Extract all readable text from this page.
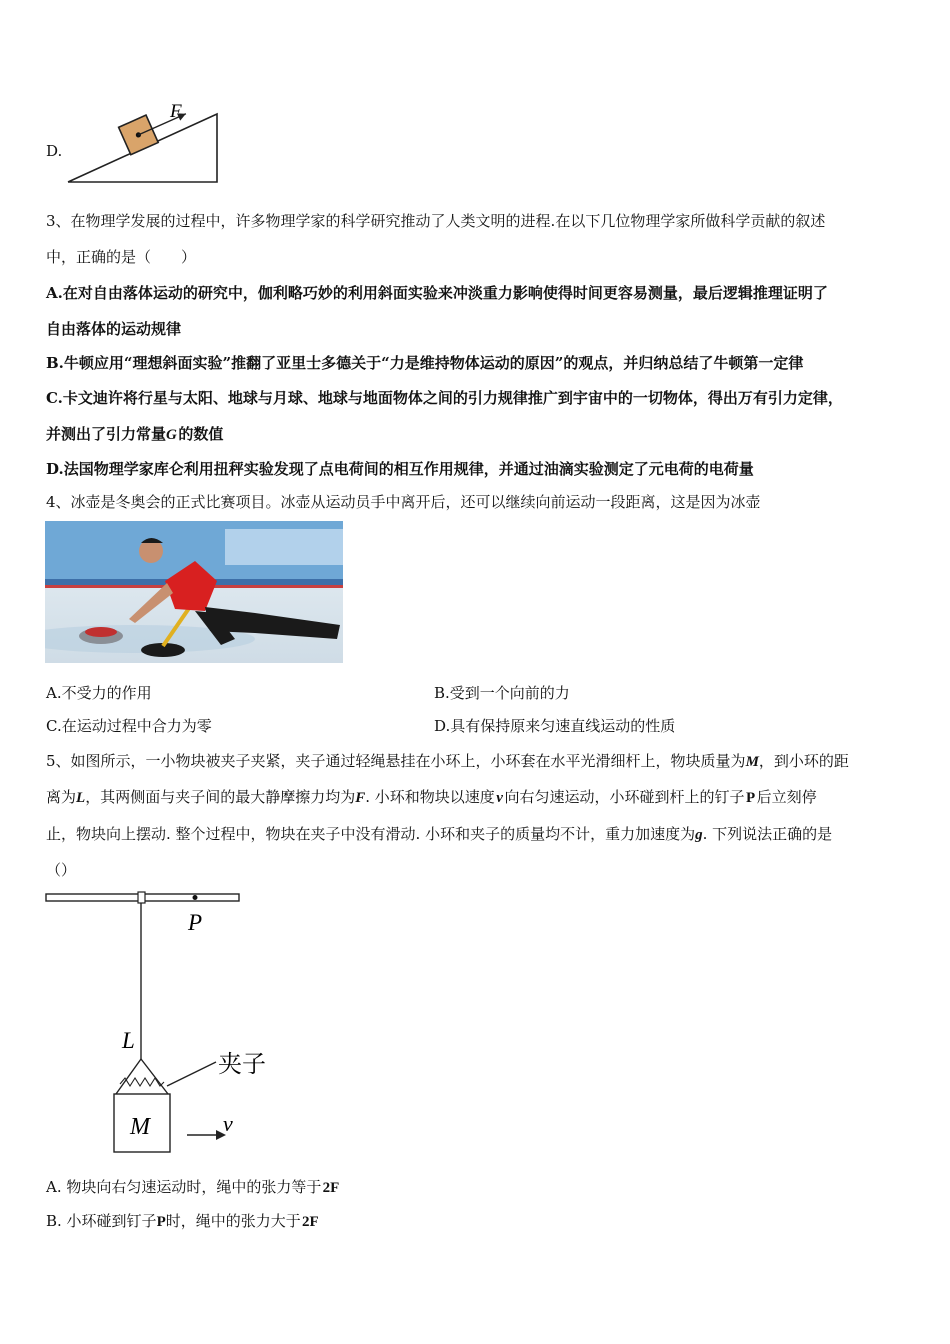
D.
F
3、在物理学发展的过程中，许多物理学家的科学研究推动了人类文明的进程.在以下几位物理学家所做科学贡献的叙述
中，正确的是（　　）
A.在对自由落体运动的研究中，伽利略巧妙的利用斜面实验来冲淡重力影响使得时间更容易测量，最后逻辑推理证明了
自由落体的运动规律
B.牛顿应用“理想斜面实验”推翻了亚里士多德关于“力是维持物体运动的原因”的观点，并归纳总结了牛顿第一定律
C.卡文迪许将行星与太阳、地球与月球、地球与地面物体之间的引力规律推广到宇宙中的一切物体，得出万有引力定律，
并测出了引力常量G  的数值
D.法国物理学家库仑利用扭秤实验发现了点电荷间的相互作用规律，并通过油滴实验测定了元电荷的电荷量
4、冰壶是冬奥会的正式比赛项目。冰壶从运动员手中离开后，还可以继续向前运动一段距离，这是因为冰壶
A.不受力的作用	B.受到一个向前的力
C.在运动过程中合力为零	D.具有保持原来匀速直线运动的性质
5、如图所示，一小物块被夹子夹紧，夹子通过轻绳悬挂在小环上，小环套在水平光滑细杆上，物块质量为M，到小环的距
离为L，其两侧面与夹子间的最大静摩擦力均为F. 小环和物块以速度  v  向右匀速运动，小环碰到杆上的钉子  P  后立刻停
止，物块向上摆动. 整个过程中，物块在夹子中没有滑动. 小环和夹子的质量均不计，重力加速度为g. 下列说法正确的是
（）
P
L
夹子
M	v
A. 物块向右匀速运动时，绳中的张力等于 2F
B. 小环碰到钉子P时，绳中的张力大于 2F
